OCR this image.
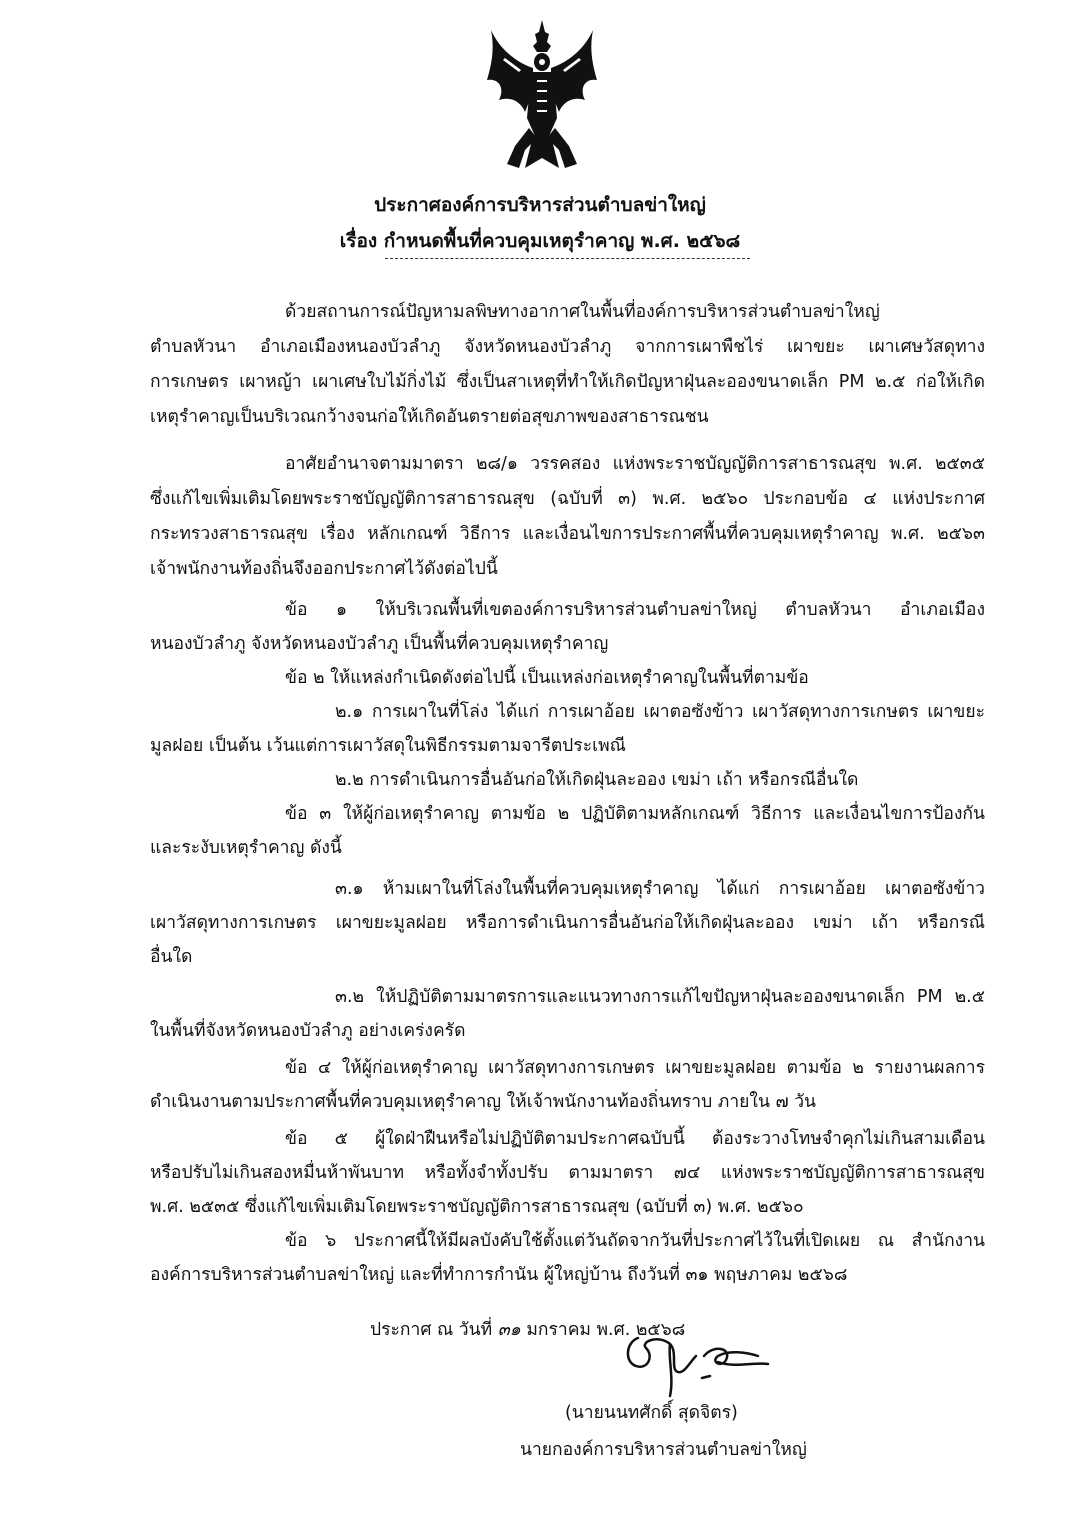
ประกาศองค์การบริหารส่วนตำบลข่าใหญ่
เรื่อง กำหนดพื้นที่ควบคุมเหตุรำคาญ พ.ศ. ๒๕๖๘
ด้วยสถานการณ์ปัญหามลพิษทางอากาศในพื้นที่องค์การบริหารส่วนตำบลข่าใหญ่
ตำบลหัวนา อำเภอเมืองหนองบัวลำภู จังหวัดหนองบัวลำภู จากการเผาพืชไร่ เผาขยะ เผาเศษวัสดุทาง
การเกษตร เผาหญ้า เผาเศษใบไม้กิ่งไม้ ซึ่งเป็นสาเหตุที่ทำให้เกิดปัญหาฝุ่นละอองขนาดเล็ก PM ๒.๕ ก่อให้เกิด
เหตุรำคาญเป็นบริเวณกว้างจนก่อให้เกิดอันตรายต่อสุขภาพของสาธารณชน
อาศัยอำนาจตามมาตรา ๒๘/๑ วรรคสอง แห่งพระราชบัญญัติการสาธารณสุข พ.ศ. ๒๕๓๕
ซึ่งแก้ไขเพิ่มเติมโดยพระราชบัญญัติการสาธารณสุข (ฉบับที่ ๓) พ.ศ. ๒๕๖๐ ประกอบข้อ ๔ แห่งประกาศ
กระทรวงสาธารณสุข เรื่อง หลักเกณฑ์ วิธีการ และเงื่อนไขการประกาศพื้นที่ควบคุมเหตุรำคาญ พ.ศ. ๒๕๖๓
เจ้าพนักงานท้องถิ่นจึงออกประกาศไว้ดังต่อไปนี้
ข้อ ๑ ให้บริเวณพื้นที่เขตองค์การบริหารส่วนตำบลข่าใหญ่ ตำบลหัวนา อำเภอเมือง
หนองบัวลำภู จังหวัดหนองบัวลำภู เป็นพื้นที่ควบคุมเหตุรำคาญ
ข้อ ๒ ให้แหล่งกำเนิดดังต่อไปนี้ เป็นแหล่งก่อเหตุรำคาญในพื้นที่ตามข้อ
๒.๑ การเผาในที่โล่ง ได้แก่ การเผาอ้อย เผาตอซังข้าว เผาวัสดุทางการเกษตร เผาขยะ
มูลฝอย เป็นต้น เว้นแต่การเผาวัสดุในพิธีกรรมตามจารีตประเพณี
๒.๒ การดำเนินการอื่นอันก่อให้เกิดฝุ่นละออง เขม่า เถ้า หรือกรณีอื่นใด
ข้อ ๓ ให้ผู้ก่อเหตุรำคาญ ตามข้อ ๒ ปฏิบัติตามหลักเกณฑ์ วิธีการ และเงื่อนไขการป้องกัน
และระงับเหตุรำคาญ ดังนี้
๓.๑ ห้ามเผาในที่โล่งในพื้นที่ควบคุมเหตุรำคาญ ได้แก่ การเผาอ้อย เผาตอซังข้าว
เผาวัสดุทางการเกษตร เผาขยะมูลฝอย หรือการดำเนินการอื่นอันก่อให้เกิดฝุ่นละออง เขม่า เถ้า หรือกรณี
อื่นใด
๓.๒ ให้ปฏิบัติตามมาตรการและแนวทางการแก้ไขปัญหาฝุ่นละอองขนาดเล็ก PM ๒.๕
ในพื้นที่จังหวัดหนองบัวลำภู อย่างเคร่งครัด
ข้อ ๔ ให้ผู้ก่อเหตุรำคาญ เผาวัสดุทางการเกษตร เผาขยะมูลฝอย ตามข้อ ๒ รายงานผลการ
ดำเนินงานตามประกาศพื้นที่ควบคุมเหตุรำคาญ ให้เจ้าพนักงานท้องถิ่นทราบ ภายใน ๗ วัน
ข้อ ๕ ผู้ใดฝ่าฝืนหรือไม่ปฏิบัติตามประกาศฉบับนี้ ต้องระวางโทษจำคุกไม่เกินสามเดือน
หรือปรับไม่เกินสองหมื่นห้าพันบาท หรือทั้งจำทั้งปรับ ตามมาตรา ๗๔ แห่งพระราชบัญญัติการสาธารณสุข
พ.ศ. ๒๕๓๕ ซึ่งแก้ไขเพิ่มเติมโดยพระราชบัญญัติการสาธารณสุข (ฉบับที่ ๓) พ.ศ. ๒๕๖๐
ข้อ ๖ ประกาศนี้ให้มีผลบังคับใช้ตั้งแต่วันถัดจากวันที่ประกาศไว้ในที่เปิดเผย ณ สำนักงาน
องค์การบริหารส่วนตำบลข่าใหญ่ และที่ทำการกำนัน ผู้ใหญ่บ้าน ถึงวันที่ ๓๑ พฤษภาคม ๒๕๖๘
ประกาศ ณ วันที่ ๓๑ มกราคม พ.ศ. ๒๕๖๘
(นายนนทศักดิ์ สุดจิตร)
นายกองค์การบริหารส่วนตำบลข่าใหญ่
